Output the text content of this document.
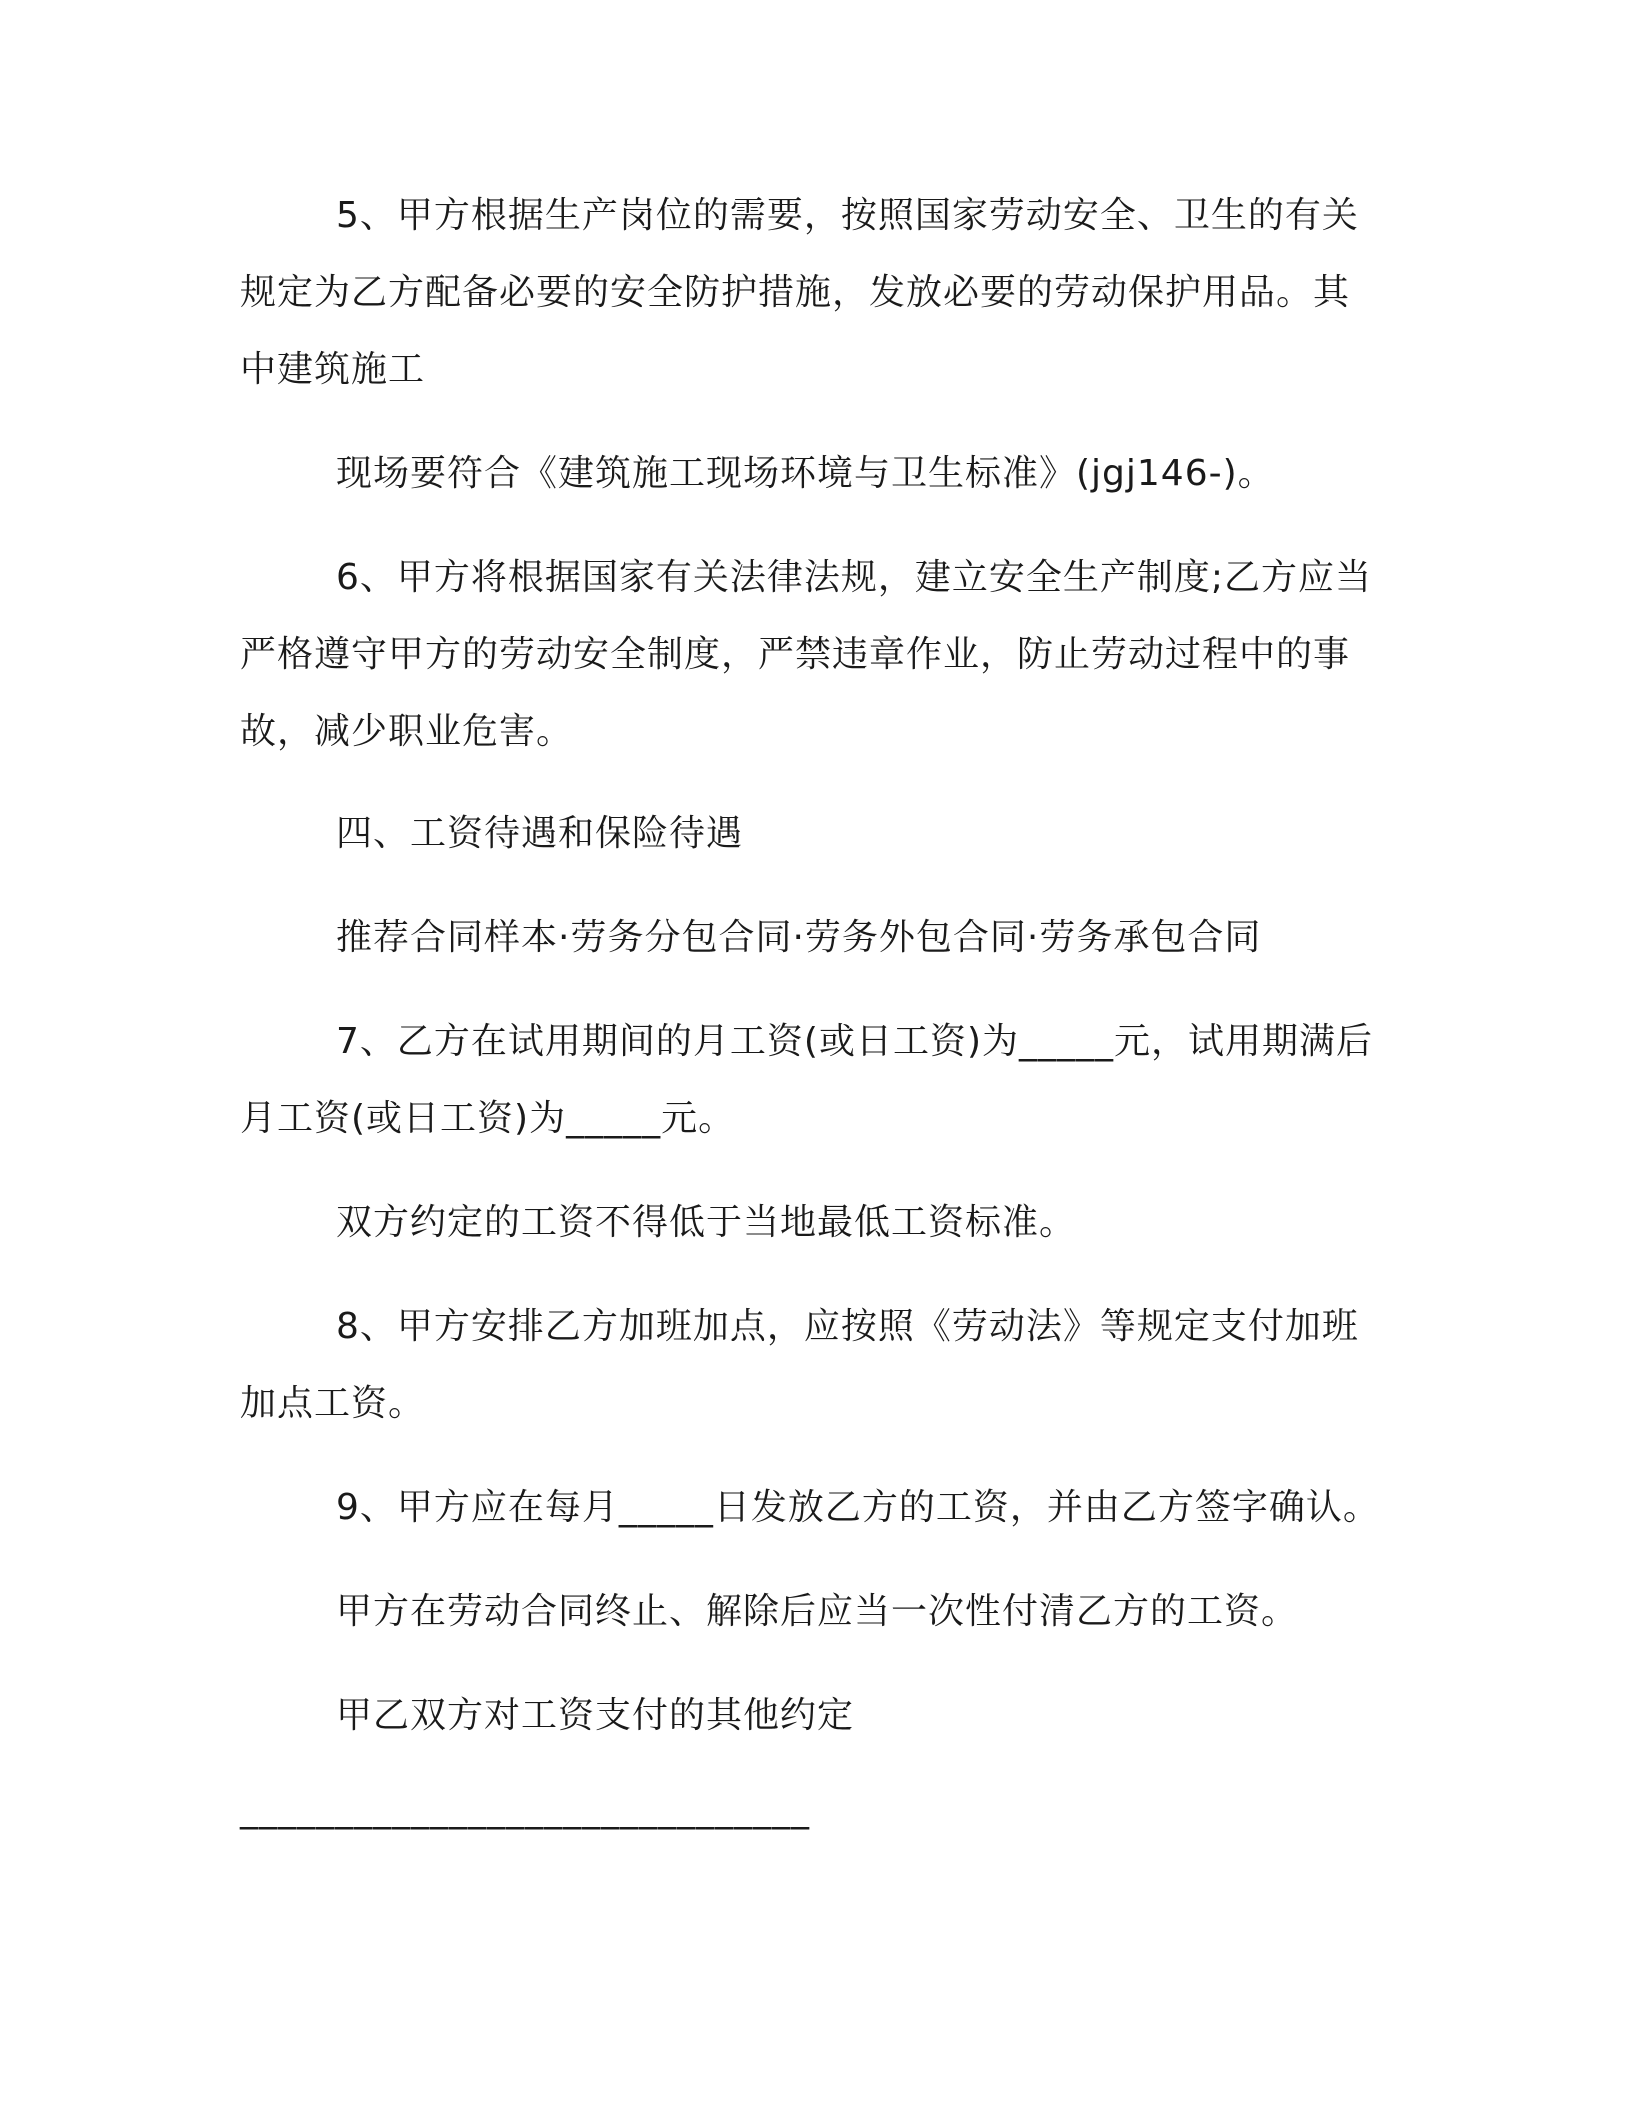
5、甲方根据生产岗位的需要，按照国家劳动安全、卫生的有关

规定为乙方配备必要的安全防护措施，发放必要的劳动保护用品。其

中建筑施工

现场要符合《建筑施工现场环境与卫生标准》(jgj146-)。

6、甲方将根据国家有关法律法规，建立安全生产制度;乙方应当

严格遵守甲方的劳动安全制度，严禁违章作业，防止劳动过程中的事

故，减少职业危害。

四、工资待遇和保险待遇

推荐合同样本·劳务分包合同·劳务外包合同·劳务承包合同

7、乙方在试用期间的月工资(或日工资)为_____元，试用期满后

月工资(或日工资)为_____元。

双方约定的工资不得低于当地最低工资标准。

8、甲方安排乙方加班加点，应按照《劳动法》等规定支付加班

加点工资。

9、甲方应在每月_____日发放乙方的工资，并由乙方签字确认。

甲方在劳动合同终止、解除后应当一次性付清乙方的工资。

甲乙双方对工资支付的其他约定

______________________________
